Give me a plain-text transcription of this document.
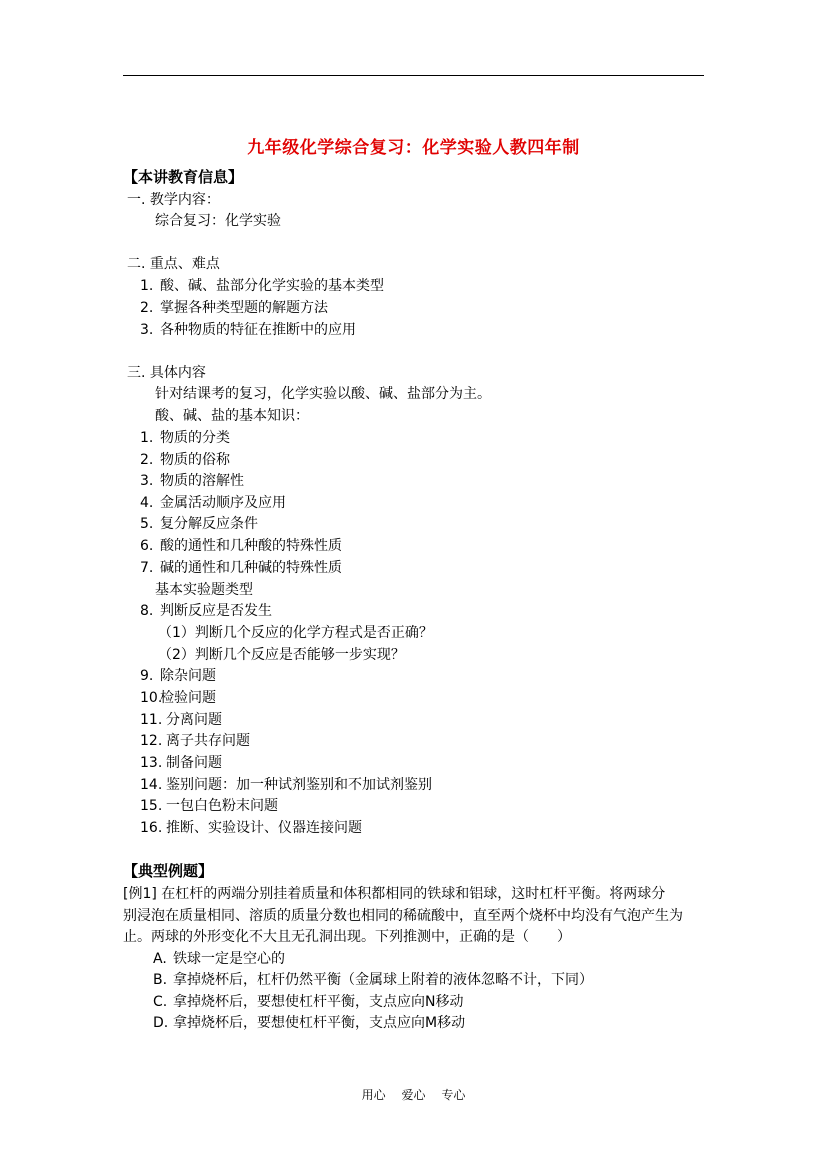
九年级化学综合复习：化学实验人教四年制
【本讲教育信息】
一. 教学内容：
综合复习：化学实验
二. 重点、难点
1. 酸、碱、盐部分化学实验的基本类型
2. 掌握各种类型题的解题方法
3. 各种物质的特征在推断中的应用
三. 具体内容
针对结课考的复习，化学实验以酸、碱、盐部分为主。
酸、碱、盐的基本知识：
1. 物质的分类
2. 物质的俗称
3. 物质的溶解性
4. 金属活动顺序及应用
5. 复分解反应条件
6. 酸的通性和几种酸的特殊性质
7. 碱的通性和几种碱的特殊性质
基本实验题类型
8. 判断反应是否发生
（1）判断几个反应的化学方程式是否正确？
（2）判断几个反应是否能够一步实现？
9. 除杂问题
10.检验问题
11. 分离问题
12. 离子共存问题
13. 制备问题
14. 鉴别问题：加一种试剂鉴别和不加试剂鉴别
15. 一包白色粉末问题
16. 推断、实验设计、仪器连接问题
【典型例题】
[例1] 在杠杆的两端分别挂着质量和体积都相同的铁球和铝球，这时杠杆平衡。将两球分
别浸泡在质量相同、溶质的质量分数也相同的稀硫酸中，直至两个烧杯中均没有气泡产生为
止。两球的外形变化不大且无孔洞出现。下列推测中，正确的是（　　）
A. 铁球一定是空心的
B. 拿掉烧杯后，杠杆仍然平衡（金属球上附着的液体忽略不计，下同）
C. 拿掉烧杯后，要想使杠杆平衡，支点应向N移动
D. 拿掉烧杯后，要想使杠杆平衡，支点应向M移动
用心 爱心 专心
